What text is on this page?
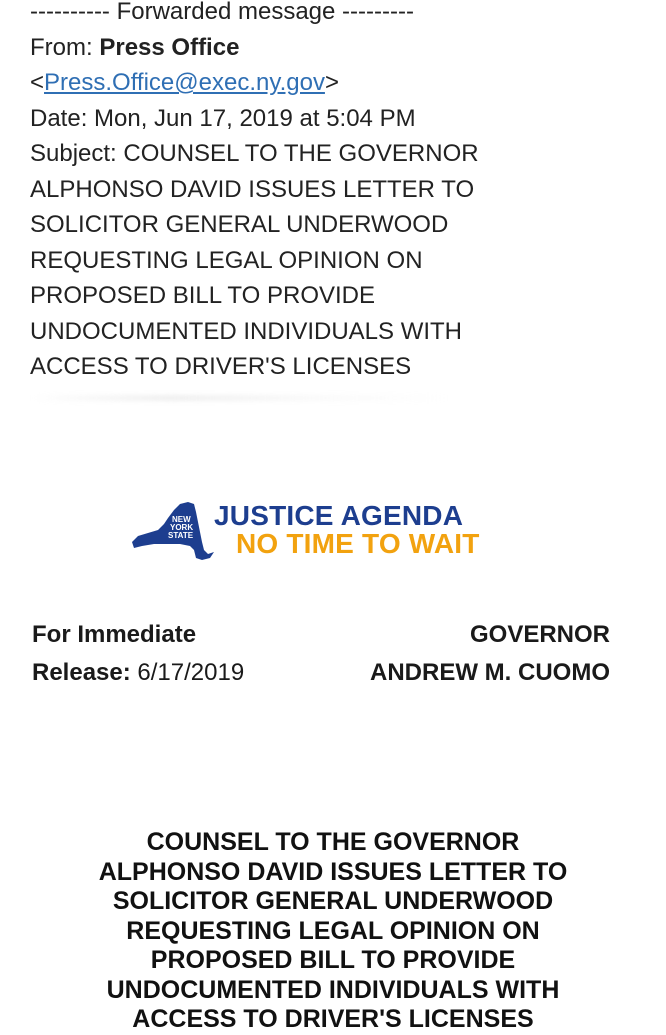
---------- Forwarded message ---------
From: Press Office
<Press.Office@exec.ny.gov>
Date: Mon, Jun 17, 2019 at 5:04 PM
Subject: COUNSEL TO THE GOVERNOR
ALPHONSO DAVID ISSUES LETTER TO
SOLICITOR GENERAL UNDERWOOD
REQUESTING LEGAL OPINION ON
PROPOSED BILL TO PROVIDE
UNDOCUMENTED INDIVIDUALS WITH
ACCESS TO DRIVER'S LICENSES
NEW
YORK
STATE
JUSTICE AGENDA
NO TIME TO WAIT
For Immediate
Release: 6/17/2019
GOVERNOR
ANDREW M. CUOMO
COUNSEL TO THE GOVERNOR
ALPHONSO DAVID ISSUES LETTER TO
SOLICITOR GENERAL UNDERWOOD
REQUESTING LEGAL OPINION ON
PROPOSED BILL TO PROVIDE
UNDOCUMENTED INDIVIDUALS WITH
ACCESS TO DRIVER'S LICENSES
